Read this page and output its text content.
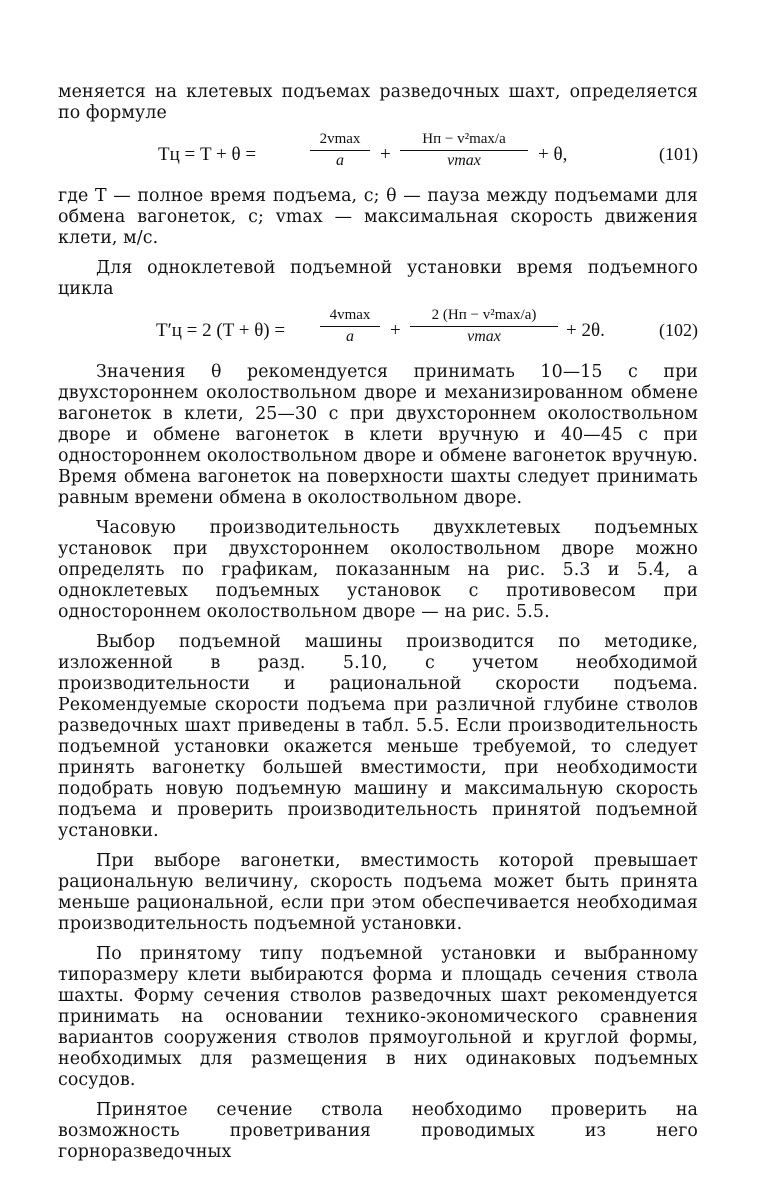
меняется на клетевых подъемах разведочных шахт, определяется по формуле

Tц = T + θ =
2vmax
a	+
Hп − v²max/a
vmax	+ θ,	(101)

где T — полное время подъема, с; θ — пауза между подъемами для обмена вагонеток, с; vmax — максимальная скорость движения клети, м/с.

Для одноклетевой подъемной установки время подъемного цикла

T′ц = 2 (T + θ) =
4vmax
a	+
2 (Hп − v²max/a)
vmax	+ 2θ.	(102)

Значения θ рекомендуется принимать 10—15 с при двухстороннем околоствольном дворе и механизированном обмене вагонеток в клети, 25—30 с при двухстороннем околоствольном дворе и обмене вагонеток в клети вручную и 40—45 с при одностороннем околоствольном дворе и обмене вагонеток вручную. Время обмена вагонеток на поверхности шахты следует принимать равным времени обмена в околоствольном дворе.

Часовую производительность двухклетевых подъемных установок при двухстороннем околоствольном дворе можно определять по графикам, показанным на рис. 5.3 и 5.4, а одноклетевых подъемных установок с противовесом при одностороннем околоствольном дворе — на рис. 5.5.

Выбор подъемной машины производится по методике, изложенной в разд. 5.10, с учетом необходимой производительности и рациональной скорости подъема. Рекомендуемые скорости подъема при различной глубине стволов разведочных шахт приведены в табл. 5.5. Если производительность подъемной установки окажется меньше требуемой, то следует принять вагонетку большей вместимости, при необходимости подобрать новую подъемную машину и максимальную скорость подъема и проверить производительность принятой подъемной установки.

При выборе вагонетки, вместимость которой превышает рациональную величину, скорость подъема может быть принята меньше рациональной, если при этом обеспечивается необходимая производительность подъемной установки.

По принятому типу подъемной установки и выбранному типоразмеру клети выбираются форма и площадь сечения ствола шахты. Форму сечения стволов разведочных шахт рекомендуется принимать на основании технико-экономического сравнения вариантов сооружения стволов прямоугольной и круглой формы, необходимых для размещения в них одинаковых подъемных сосудов.

Принятое сечение ствола необходимо проверить на возможность проветривания проводимых из него горноразведочных
